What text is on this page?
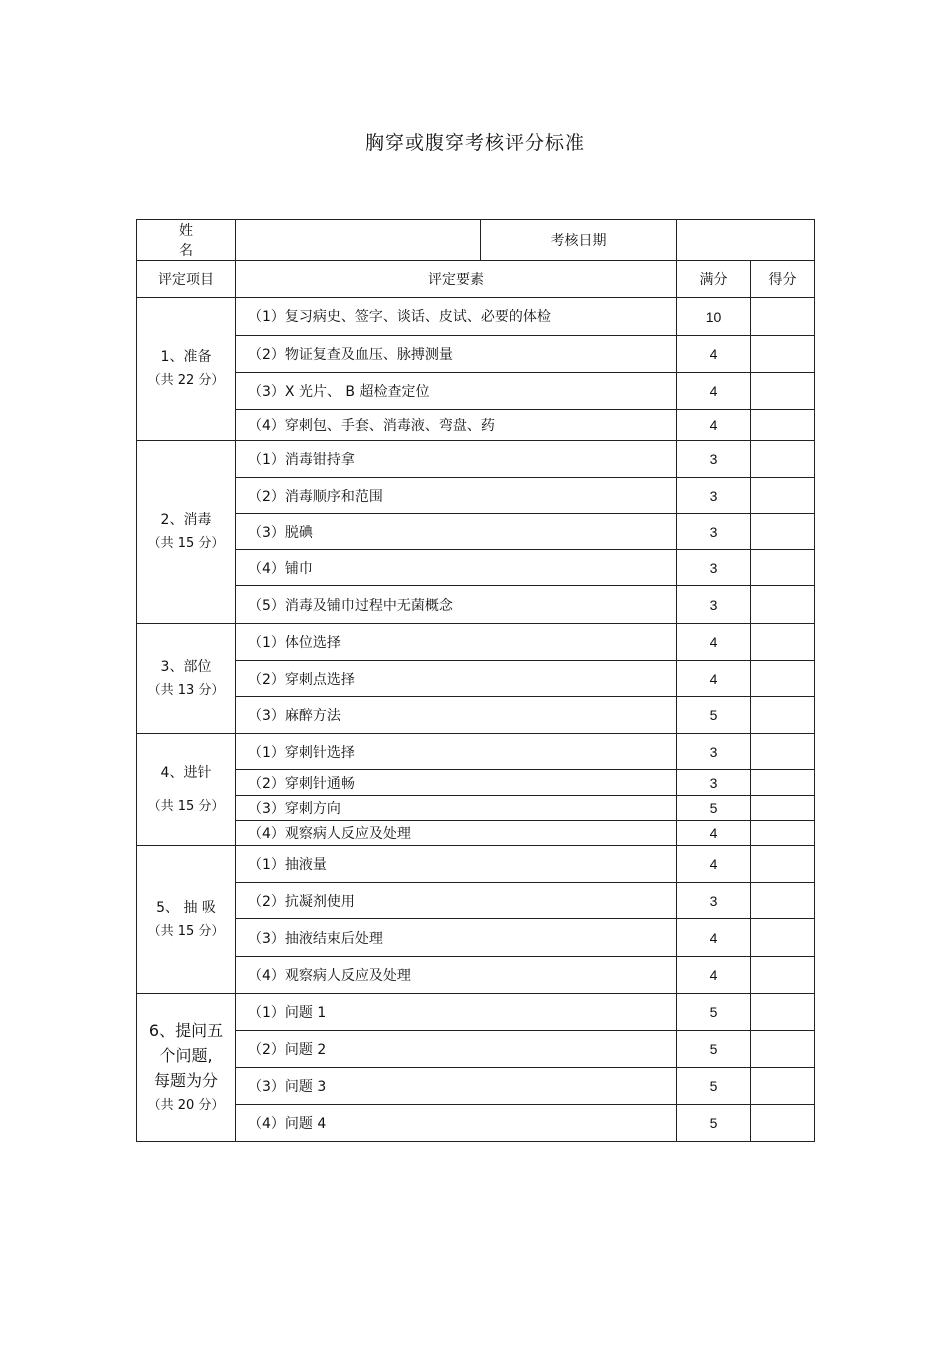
胸穿或腹穿考核评分标准
姓 名		考核日期		
评定项目	评定要素		满分	得分

1、准备
（共 22 分）	（1）复习病史、签字、谈话、皮试、必要的体检		10	
	（2）物证复查及血压、脉搏测量		4	
	（3）X 光片、 B 超检查定位		4	
	（4）穿刺包、手套、消毒液、弯盘、药		4	

2、消毒
（共 15 分）	（1）消毒钳持拿		3	
	（2）消毒顺序和范围		3	
	（3）脱碘		3	
	（4）铺巾		3	
	（5）消毒及铺巾过程中无菌概念		3	

3、部位
（共 13 分）	（1）体位选择		4	
	（2）穿刺点选择		4	
	（3）麻醉方法		5	

4、进针
（共 15 分）	（1）穿刺针选择		3	
	（2）穿刺针通畅		3	
	（3）穿刺方向		5	
	（4）观察病人反应及处理		4	

5、 抽 吸
（共 15 分）	（1）抽液量		4	
	（2）抗凝剂使用		3	
	（3）抽液结束后处理		4	
	（4）观察病人反应及处理		4	

6、提问五
个问题,
每题为分
（共 20 分）	（1）问题 1		5	
	（2）问题 2		5	
	（3）问题 3		5	
	（4）问题 4		5	
